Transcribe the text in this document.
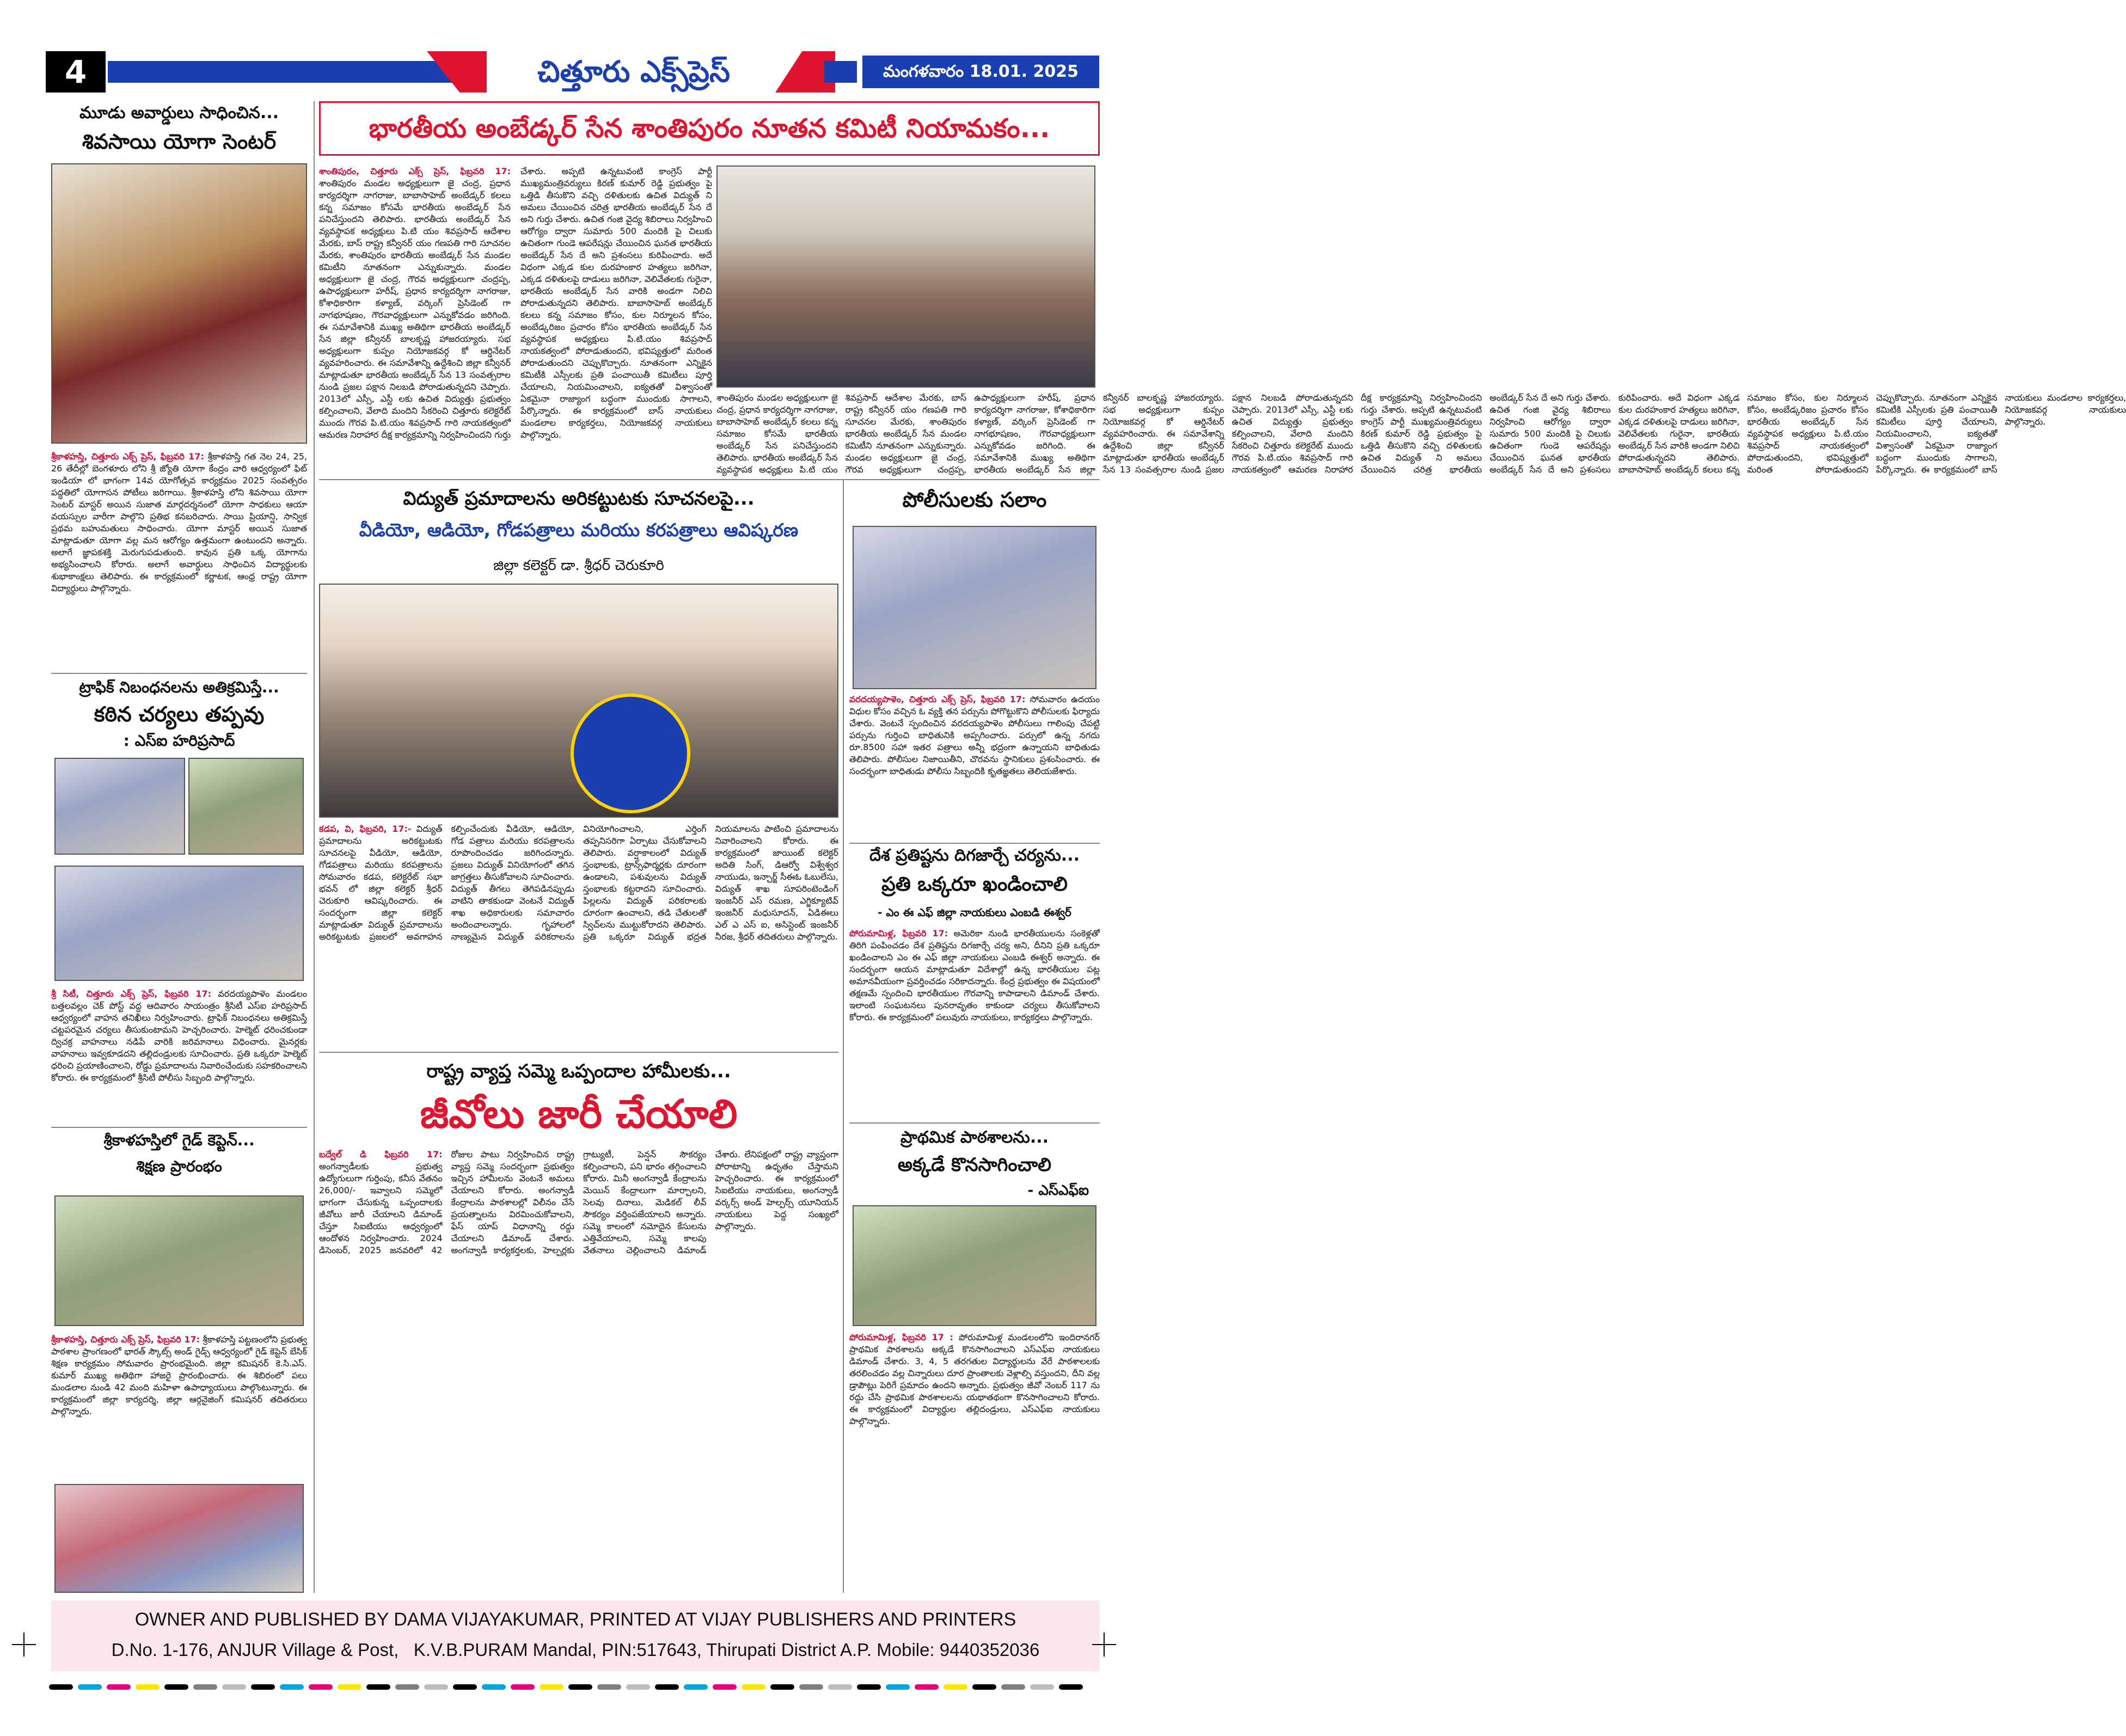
4	చిత్తూరు ఎక్స్‌ప్రెస్	మంగళవారం 18.01. 2025
మూడు అవార్డులు సాధించిన...
శివసాయి యోగా సెంటర్
శ్రీకాళహస్తి, చిత్తూరు ఎక్స్ ప్రెస్, ఫిబ్రవరి 17: శ్రీకాళహస్తి గత నెల 24, 25, 26 తేదీల్లో బెంగళూరు లోని శ్రీ జ్యోతి యోగా కేంద్రం వారి ఆధ్వర్యంలో ఫిట్ ఇండియా లో భాగంగా 14వ యోగోత్సవ కార్యక్రమం 2025 సంవత్సరం పద్ధతిలో యోగాసన పోటీలు జరిగాయి. శ్రీకాళహస్తి లోని శివసాయి యోగా సెంటర్ మాస్టర్ అయిన సుజాత మార్గదర్శనంలో యోగా సాధకులు ఆయా వయస్సుల వారీగా పాల్గొని ప్రతిభ కనబరిచారు. సాయి ప్రియాన్షి, సాన్విక ప్రథమ బహుమతులు సాధించారు. యోగా మాస్టర్ అయిన సుజాత మాట్లాడుతూ యోగా వల్ల మన ఆరోగ్యం ఉత్తమంగా ఉంటుందని అన్నారు. అలాగే జ్ఞాపకశక్తి మెరుగుపడుతుంది. కావున ప్రతి ఒక్క యోగాను అభ్యసించాలని కోరారు. అలాగే అవార్డులు సాధించిన విద్యార్థులకు శుభాకాంక్షలు తెలిపారు. ఈ కార్యక్రమంలో కర్ణాటక, ఆంధ్ర రాష్ట్ర యోగా విద్యార్థులు పాల్గొన్నారు.
ట్రాఫిక్ నిబంధనలను అతిక్రమిస్తే...
కఠిన చర్యలు తప్పవు
: ఎస్ఐ హరిప్రసాద్
శ్రీ సిటీ, చిత్తూరు ఎక్స్ ప్రెస్, ఫిబ్రవరి 17: వరదయ్యపాళెం మండలం బత్తలవల్లం చెక్ పోస్ట్ వద్ద ఆదివారం సాయంత్రం శ్రీసిటీ ఎస్ఐ హరిప్రసాద్ ఆధ్వర్యంలో వాహన తనిఖీలు నిర్వహించారు. ట్రాఫిక్ నిబంధనలు అతిక్రమిస్తే చట్టపరమైన చర్యలు తీసుకుంటామని హెచ్చరించారు. హెల్మెట్ ధరించకుండా ద్విచక్ర వాహనాలు నడిపే వారికి జరిమానాలు విధించారు. మైనర్లకు వాహనాలు ఇవ్వకూడదని తల్లిదండ్రులకు సూచించారు. ప్రతి ఒక్కరూ హెల్మెట్ ధరించి ప్రయాణించాలని, రోడ్డు ప్రమాదాలను నివారించేందుకు సహకరించాలని కోరారు. ఈ కార్యక్రమంలో శ్రీసిటీ పోలీసు సిబ్బంది పాల్గొన్నారు.
శ్రీకాళహస్తిలో గైడ్ కెప్టెన్...
శిక్షణ ప్రారంభం
శ్రీకాళహస్తి, చిత్తూరు ఎక్స్ ప్రెస్, ఫిబ్రవరి 17: శ్రీకాళహస్తి పట్టణంలోని ప్రభుత్వ పాఠశాల ప్రాంగణంలో భారత్ స్కౌట్స్ అండ్ గైడ్స్ ఆధ్వర్యంలో గైడ్ కెప్టెన్ బేసిక్ శిక్షణ కార్యక్రమం సోమవారం ప్రారంభమైంది. జిల్లా కమిషనర్ కె.సి.ఎస్. కుమార్ ముఖ్య అతిథిగా హాజరై ప్రారంభించారు. ఈ శిబిరంలో పలు మండలాల నుండి 42 మంది మహిళా ఉపాధ్యాయులు పాల్గొంటున్నారు. ఈ కార్యక్రమంలో జిల్లా కార్యదర్శి, జిల్లా ఆర్గనైజింగ్ కమిషనర్ తదితరులు పాల్గొన్నారు.
భారతీయ అంబేడ్కర్ సేన శాంతిపురం నూతన కమిటీ నియామకం...
శాంతిపురం, చిత్తూరు ఎక్స్ ప్రెస్, ఫిబ్రవరి 17: శాంతిపురం మండల అధ్యక్షులుగా జై చంద్ర, ప్రధాన కార్యదర్శిగా నాగరాజు, బాబాసాహెబ్ అంబేడ్కర్ కలలు కన్న సమాజం కోసమే భారతీయ అంబేడ్కర్ సేన పనిచేస్తుందని తెలిపారు. భారతీయ అంబేడ్కర్ సేన వ్యవస్థాపక అధ్యక్షులు పి.టి యం శివప్రసాద్ ఆదేశాల మేరకు, బాస్ రాష్ట్ర కన్వీనర్ యం గణపతి గారి సూచనల మేరకు, శాంతిపురం భారతీయ అంబేడ్కర్ సేన మండల కమిటీని నూతనంగా ఎన్నుకున్నారు. మండల అధ్యక్షులుగా జై చంద్ర, గౌరవ అధ్యక్షులుగా చంద్రప్ప, ఉపాధ్యక్షులుగా హరీష్, ప్రధాన కార్యదర్శిగా నాగరాజు, కోశాధికారిగా కళ్యాణ్, వర్కింగ్ ప్రెసిడెంట్ గా నాగభూషణం, గౌరవాధ్యక్షులుగా ఎన్నుకోవడం జరిగింది. ఈ సమావేశానికి ముఖ్య అతిథిగా భారతీయ అంబేడ్కర్ సేన జిల్లా కన్వీనర్ బాలకృష్ణ హాజరయ్యారు. సభ అధ్యక్షులుగా కుప్పం నియోజకవర్గ కో ఆర్డినేటర్ వ్యవహరించారు. ఈ సమావేశాన్ని ఉద్దేశించి జిల్లా కన్వీనర్ మాట్లాడుతూ భారతీయ అంబేడ్కర్ సేన 13 సంవత్సరాల నుండి ప్రజల పక్షాన నిలబడి పోరాడుతున్నదని చెప్పారు. 2013లో ఎస్సీ, ఎస్టీ లకు ఉచిత విద్యుత్తు ప్రభుత్వం కల్పించాలని, వేలాది మందిని సేకరించి చిత్తూరు కలెక్టరేట్ ముందు గౌరవ పి.టి.యం శివప్రసాద్ గారి నాయకత్వంలో ఆమరణ నిరాహార దీక్ష కార్యక్రమాన్ని నిర్వహించిందని గుర్తు చేశారు. అప్పటి ఉన్నటువంటి కాంగ్రెస్ పార్టీ ముఖ్యమంత్రివర్యులు కిరణ్ కుమార్ రెడ్డి ప్రభుత్వం పై ఒత్తిడి తీసుకొని వచ్చి దళితులకు ఉచిత విద్యుత్ ని అమలు చేయించిన చరిత్ర భారతీయ అంబేడ్కర్ సేన దే అని గుర్తు చేశారు. ఉచిత గంజి వైద్య శిబిరాలు నిర్వహించి ఆరోగ్యం ద్వారా సుమారు 500 మందికి పై చిలుకు ఉచితంగా గుండె ఆపరేషన్లు చేయించిన ఘనత భారతీయ అంబేడ్కర్ సేన దే అని ప్రశంసలు కురిపించారు. అదే విధంగా ఎక్కడ కుల దురహంకార హత్యలు జరిగినా, ఎక్కడ దళితులపై దాడులు జరిగినా, వెలివేతలకు గురైనా, భారతీయ అంబేడ్కర్ సేన వారికి అండగా నిలిచి పోరాడుతున్నదని తెలిపారు. బాబాసాహెబ్ అంబేడ్కర్ కలలు కన్న సమాజం కోసం, కుల నిర్మూలన కోసం, అంబేడ్కరిజం ప్రచారం కోసం భారతీయ అంబేడ్కర్ సేన వ్యవస్థాపక అధ్యక్షులు పి.టి.యం శివప్రసాద్ నాయకత్వంలో పోరాడుతుందని, భవిష్యత్తులో మరింత పోరాడుతుందని చెప్పుకొచ్చారు. నూతనంగా ఎన్నికైన కమిటీకి ఎస్సీలకు ప్రతి పంచాయితీ కమిటీలు పూర్తి చేయాలని, నియమించాలని, ఐక్యతతో విశ్వాసంతో ఏకమైనా రాజ్యాంగ బద్ధంగా ముందుకు సాగాలని, పేర్కొన్నారు. ఈ కార్యక్రమంలో బాస్ నాయకులు మండలాల కార్యకర్తలు, నియోజకవర్గ నాయకులు పాల్గొన్నారు.
శాంతిపురం మండల అధ్యక్షులుగా జై చంద్ర, ప్రధాన కార్యదర్శిగా నాగరాజు, బాబాసాహెబ్ అంబేడ్కర్ కలలు కన్న సమాజం కోసమే భారతీయ అంబేడ్కర్ సేన పనిచేస్తుందని తెలిపారు. భారతీయ అంబేడ్కర్ సేన వ్యవస్థాపక అధ్యక్షులు పి.టి యం శివప్రసాద్ ఆదేశాల మేరకు, బాస్ రాష్ట్ర కన్వీనర్ యం గణపతి గారి సూచనల మేరకు, శాంతిపురం భారతీయ అంబేడ్కర్ సేన మండల కమిటీని నూతనంగా ఎన్నుకున్నారు. మండల అధ్యక్షులుగా జై చంద్ర, గౌరవ అధ్యక్షులుగా చంద్రప్ప, ఉపాధ్యక్షులుగా హరీష్, ప్రధాన కార్యదర్శిగా నాగరాజు, కోశాధికారిగా కళ్యాణ్, వర్కింగ్ ప్రెసిడెంట్ గా నాగభూషణం, గౌరవాధ్యక్షులుగా ఎన్నుకోవడం జరిగింది. ఈ సమావేశానికి ముఖ్య అతిథిగా భారతీయ అంబేడ్కర్ సేన జిల్లా కన్వీనర్ బాలకృష్ణ హాజరయ్యారు. సభ అధ్యక్షులుగా కుప్పం నియోజకవర్గ కో ఆర్డినేటర్ వ్యవహరించారు. ఈ సమావేశాన్ని ఉద్దేశించి జిల్లా కన్వీనర్ మాట్లాడుతూ భారతీయ అంబేడ్కర్ సేన 13 సంవత్సరాల నుండి ప్రజల పక్షాన నిలబడి పోరాడుతున్నదని చెప్పారు. 2013లో ఎస్సీ, ఎస్టీ లకు ఉచిత విద్యుత్తు ప్రభుత్వం కల్పించాలని, వేలాది మందిని సేకరించి చిత్తూరు కలెక్టరేట్ ముందు గౌరవ పి.టి.యం శివప్రసాద్ గారి నాయకత్వంలో ఆమరణ నిరాహార దీక్ష కార్యక్రమాన్ని నిర్వహించిందని గుర్తు చేశారు. అప్పటి ఉన్నటువంటి కాంగ్రెస్ పార్టీ ముఖ్యమంత్రివర్యులు కిరణ్ కుమార్ రెడ్డి ప్రభుత్వం పై ఒత్తిడి తీసుకొని వచ్చి దళితులకు ఉచిత విద్యుత్ ని అమలు చేయించిన చరిత్ర భారతీయ అంబేడ్కర్ సేన దే అని గుర్తు చేశారు. ఉచిత గంజి వైద్య శిబిరాలు నిర్వహించి ఆరోగ్యం ద్వారా సుమారు 500 మందికి పై చిలుకు ఉచితంగా గుండె ఆపరేషన్లు చేయించిన ఘనత భారతీయ అంబేడ్కర్ సేన దే అని ప్రశంసలు కురిపించారు. అదే విధంగా ఎక్కడ కుల దురహంకార హత్యలు జరిగినా, ఎక్కడ దళితులపై దాడులు జరిగినా, వెలివేతలకు గురైనా, భారతీయ అంబేడ్కర్ సేన వారికి అండగా నిలిచి పోరాడుతున్నదని తెలిపారు. బాబాసాహెబ్ అంబేడ్కర్ కలలు కన్న సమాజం కోసం, కుల నిర్మూలన కోసం, అంబేడ్కరిజం ప్రచారం కోసం భారతీయ అంబేడ్కర్ సేన వ్యవస్థాపక అధ్యక్షులు పి.టి.యం శివప్రసాద్ నాయకత్వంలో పోరాడుతుందని, భవిష్యత్తులో మరింత పోరాడుతుందని చెప్పుకొచ్చారు. నూతనంగా ఎన్నికైన కమిటీకి ఎస్సీలకు ప్రతి పంచాయితీ కమిటీలు పూర్తి చేయాలని, నియమించాలని, ఐక్యతతో విశ్వాసంతో ఏకమైనా రాజ్యాంగ బద్ధంగా ముందుకు సాగాలని, పేర్కొన్నారు. ఈ కార్యక్రమంలో బాస్ నాయకులు మండలాల కార్యకర్తలు, నియోజకవర్గ నాయకులు పాల్గొన్నారు.
విద్యుత్ ప్రమాదాలను అరికట్టుటకు సూచనలపై...
వీడియో, ఆడియో, గోడపత్రాలు మరియు కరపత్రాలు ఆవిష్కరణ
జిల్లా కలెక్టర్ డా. శ్రీధర్ చెరుకూరి
కడప, వి, ఫిబ్రవరి, 17:- విద్యుత్ ప్రమాదాలను అరికట్టుటకు సూచనలపై వీడియో, ఆడియో, గోడపత్రాలు మరియు కరపత్రాలను సోమవారం కడప, కలెక్టరేట్ సభా భవన్ లో జిల్లా కలెక్టర్ శ్రీధర్ చెరుకూరి ఆవిష్కరించారు. ఈ సందర్భంగా జిల్లా కలెక్టర్ మాట్లాడుతూ విద్యుత్ ప్రమాదాలను అరికట్టుటకు ప్రజలలో అవగాహన కల్పించేందుకు వీడియో, ఆడియో, గోడ పత్రాలు మరియు కరపత్రాలను రూపొందించడం జరిగిందన్నారు. ప్రజలు విద్యుత్ వినియోగంలో తగిన జాగ్రత్తలు తీసుకోవాలని సూచించారు. విద్యుత్ తీగలు తెగిపడినప్పుడు వాటిని తాకకుండా వెంటనే విద్యుత్ శాఖ అధికారులకు సమాచారం అందించాలన్నారు. గృహాలలో నాణ్యమైన విద్యుత్ పరికరాలను వినియోగించాలని, ఎర్తింగ్ తప్పనిసరిగా ఏర్పాటు చేసుకోవాలని తెలిపారు. వర్షాకాలంలో విద్యుత్ స్తంభాలకు, ట్రాన్స్‌ఫార్మర్లకు దూరంగా ఉండాలని, పశువులను విద్యుత్ స్తంభాలకు కట్టరాదని సూచించారు. పిల్లలను విద్యుత్ పరికరాలకు దూరంగా ఉంచాలని, తడి చేతులతో స్విచ్‌లను ముట్టుకోరాదని తెలిపారు. ప్రతి ఒక్కరూ విద్యుత్ భద్రత నియమాలను పాటించి ప్రమాదాలను నివారించాలని కోరారు. ఈ కార్యక్రమంలో జాయింట్ కలెక్టర్ అదితి సింగ్, డిఆర్వో విశ్వేశ్వర నాయుడు, ఇన్చార్జ్ సీఈఓ ఓబులేసు, విద్యుత్ శాఖ సూపరింటెండింగ్ ఇంజనీర్ ఎస్ రమణ, ఎగ్జిక్యూటివ్ ఇంజనీర్ మధుసూదన్, ఏడిఈలు ఎల్ ఎ ఎస్ ఐ, అసిస్టెంట్ ఇంజనీర్ నీరజ, శ్రీధర్ తదితరులు పాల్గొన్నారు.
రాష్ట్ర వ్యాప్త సమ్మె ఒప్పందాల హామీలకు...
జీవోలు జారీ చేయాలి
బద్వేల్ డి ఫిబ్రవరి 17: అంగన్వాడీలకు ప్రభుత్వ ఉద్యోగులుగా గుర్తింపు, కనీస వేతనం 26,000/- ఇవ్వాలని సమ్మెలో భాగంగా చేసుకున్న ఒప్పందాలకు జీవోలు జారీ చేయాలని డిమాండ్ చేస్తూ సిఐటియు ఆధ్వర్యంలో ఆందోళన నిర్వహించారు. 2024 డిసెంబర్, 2025 జనవరిలో 42 రోజుల పాటు నిర్వహించిన రాష్ట్ర వ్యాప్త సమ్మె సందర్భంగా ప్రభుత్వం ఇచ్చిన హామీలను వెంటనే అమలు చేయాలని కోరారు. అంగన్వాడీ కేంద్రాలను పాఠశాలల్లో విలీనం చేసే ప్రయత్నాలను విరమించుకోవాలని, ఫేస్ యాప్ విధానాన్ని రద్దు చేయాలని డిమాండ్ చేశారు. అంగన్వాడీ కార్యకర్తలకు, హెల్పర్లకు గ్రాట్యుటీ, పెన్షన్ సౌకర్యం కల్పించాలని, పని భారం తగ్గించాలని కోరారు. మినీ అంగన్వాడీ కేంద్రాలను మెయిన్ కేంద్రాలుగా మార్చాలని, సెలవు దినాలు, మెడికల్ లీవ్ సౌకర్యం వర్తింపజేయాలని అన్నారు. సమ్మె కాలంలో నమోదైన కేసులను ఎత్తివేయాలని, సమ్మె కాలపు వేతనాలు చెల్లించాలని డిమాండ్ చేశారు. లేనిపక్షంలో రాష్ట్ర వ్యాప్తంగా పోరాటాన్ని ఉధృతం చేస్తామని హెచ్చరించారు. ఈ కార్యక్రమంలో సిఐటియు నాయకులు, అంగన్వాడీ వర్కర్స్ అండ్ హెల్పర్స్ యూనియన్ నాయకులు పెద్ద సంఖ్యలో పాల్గొన్నారు.
పోలీసులకు సలాం
వరదయ్యపాళెం, చిత్తూరు ఎక్స్ ప్రెస్, ఫిబ్రవరి 17: సోమవారం ఉదయం విధుల కోసం వచ్చిన ఓ వ్యక్తి తన పర్సును పోగొట్టుకొని పోలీసులకు ఫిర్యాదు చేశారు. వెంటనే స్పందించిన వరదయ్యపాళెం పోలీసులు గాలింపు చేపట్టి పర్సును గుర్తించి బాధితునికి అప్పగించారు. పర్సులో ఉన్న నగదు రూ.8500 సహా ఇతర పత్రాలు అన్నీ భద్రంగా ఉన్నాయని బాధితుడు తెలిపారు. పోలీసుల నిజాయితీని, చొరవను స్థానికులు ప్రశంసించారు. ఈ సందర్భంగా బాధితుడు పోలీసు సిబ్బందికి కృతజ్ఞతలు తెలియజేశారు.
దేశ ప్రతిష్టను దిగజార్చే చర్యను...
ప్రతి ఒక్కరూ ఖండించాలి
- ఎం ఈ ఎఫ్ జిల్లా నాయకులు ఎంబడి ఈశ్వర్
పోరుమామిళ్ల, ఫిబ్రవరి 17: అమెరికా నుండి భారతీయులను సంకెళ్లతో తిరిగి పంపించడం దేశ ప్రతిష్టను దిగజార్చే చర్య అని, దీనిని ప్రతి ఒక్కరూ ఖండించాలని ఎం ఈ ఎఫ్ జిల్లా నాయకులు ఎంబడి ఈశ్వర్ అన్నారు. ఈ సందర్భంగా ఆయన మాట్లాడుతూ విదేశాల్లో ఉన్న భారతీయుల పట్ల అమానవీయంగా ప్రవర్తించడం సరికాదన్నారు. కేంద్ర ప్రభుత్వం ఈ విషయంలో తక్షణమే స్పందించి భారతీయుల గౌరవాన్ని కాపాడాలని డిమాండ్ చేశారు. ఇలాంటి సంఘటనలు పునరావృతం కాకుండా చర్యలు తీసుకోవాలని కోరారు. ఈ కార్యక్రమంలో పలువురు నాయకులు, కార్యకర్తలు పాల్గొన్నారు.
ప్రాథమిక పాఠశాలను...
అక్కడే కొనసాగించాలి
- ఎస్ఎఫ్ఐ
పోరుమామిళ్ల, ఫిబ్రవరి 17 : పోరుమామిళ్ల మండలంలోని ఇందిరానగర్ ప్రాథమిక పాఠశాలను అక్కడే కొనసాగించాలని ఎస్ఎఫ్ఐ నాయకులు డిమాండ్ చేశారు. 3, 4, 5 తరగతుల విద్యార్థులను వేరే పాఠశాలలకు తరలించడం వల్ల చిన్నారులు దూర ప్రాంతాలకు వెళ్లాల్సి వస్తుందని, దీని వల్ల డ్రాపౌట్లు పెరిగే ప్రమాదం ఉందని అన్నారు. ప్రభుత్వం జీవో నెంబర్ 117 ను రద్దు చేసి ప్రాథమిక పాఠశాలలను యథాతథంగా కొనసాగించాలని కోరారు. ఈ కార్యక్రమంలో విద్యార్థుల తల్లిదండ్రులు, ఎస్ఎఫ్ఐ నాయకులు పాల్గొన్నారు.
OWNER AND PUBLISHED BY DAMA VIJAYAKUMAR, PRINTED AT VIJAY PUBLISHERS AND PRINTERS
D.No. 1-176, ANJUR Village & Post,   K.V.B.PURAM Mandal, PIN:517643, Thirupati District A.P. Mobile: 9440352036
